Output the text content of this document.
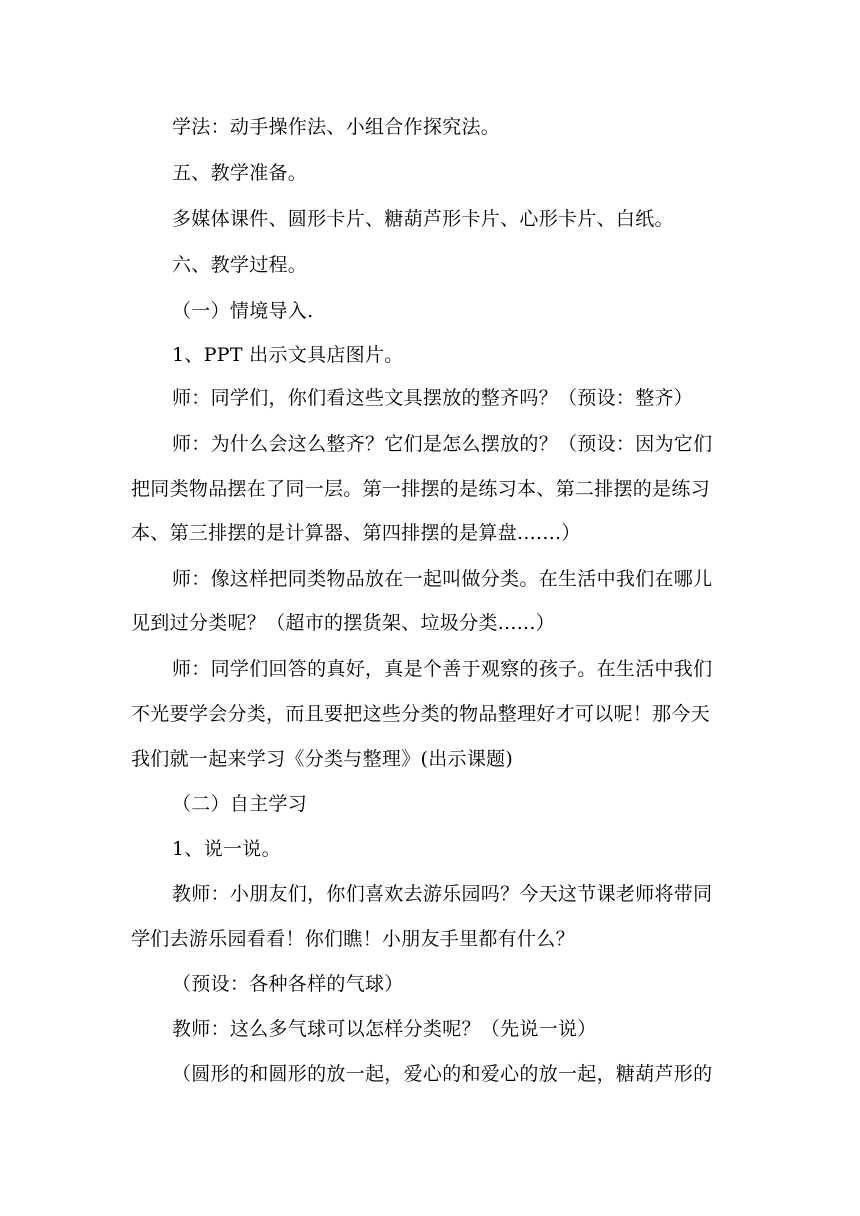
学法：动手操作法、小组合作探究法。
五、教学准备。
多媒体课件、圆形卡片、糖葫芦形卡片、心形卡片、白纸。
六、教学过程。
（一）情境导入.
1、PPT 出示文具店图片。
师：同学们，你们看这些文具摆放的整齐吗？（预设：整齐）
师：为什么会这么整齐？它们是怎么摆放的？（预设：因为它们
把同类物品摆在了同一层。第一排摆的是练习本、第二排摆的是练习
本、第三排摆的是计算器、第四排摆的是算盘.......）
师：像这样把同类物品放在一起叫做分类。在生活中我们在哪儿
见到过分类呢？（超市的摆货架、垃圾分类......）
师：同学们回答的真好，真是个善于观察的孩子。在生活中我们
不光要学会分类，而且要把这些分类的物品整理好才可以呢！那今天
我们就一起来学习《分类与整理》(出示课题)
（二）自主学习
1、说一说。
教师：小朋友们，你们喜欢去游乐园吗？今天这节课老师将带同
学们去游乐园看看！你们瞧！小朋友手里都有什么？
（预设：各种各样的气球）
教师：这么多气球可以怎样分类呢？（先说一说）
（圆形的和圆形的放一起，爱心的和爱心的放一起，糖葫芦形的
